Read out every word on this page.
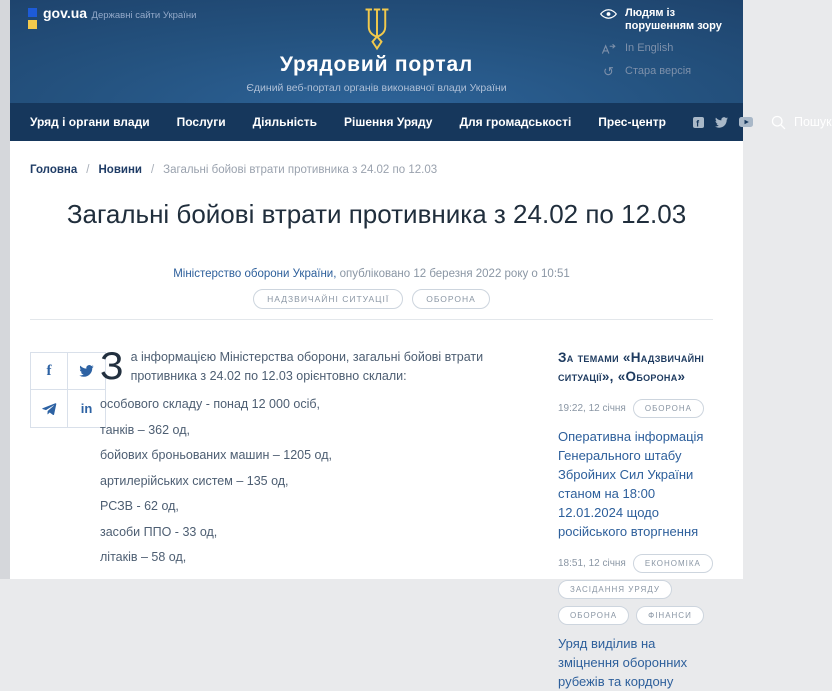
gov.ua Державні сайти України
Урядовий портал
Єдиний веб-портал органів виконавчої влади України
Людям із порушенням зору
In English
↺ Стара версія
Уряд і органи влади Послуги Діяльність Рішення Уряду Для громадськості Прес-центр	f	Пошук
Головна / Новини / Загальні бойові втрати противника з 24.02 по 12.03
Загальні бойові втрати противника з 24.02 по 12.03
Міністерство оборони України, опубліковано 12 березня 2022 року о 10:51
НАДЗВИЧАЙНІ СИТУАЦІЇ	ОБОРОНА
f
in

За інформацією Міністерства оборони, загальні бойові втрати противника з 24.02 по 12.03 орієнтовно склали:

особового складу - понад 12 000 осіб,

танків – 362 од,

бойових броньованих машин – 1205 од,

артилерійських систем – 135 од,

РСЗВ - 62 од,

засоби ППО - 33 од,

літаків – 58 од,

За темами «Надзвичайні ситуації», «Оборона»
19:22, 12 січня	ОБОРОНА
Оперативна інформація Генерального штабу Збройних Сил України станом на 18:00 12.01.2024 щодо російського вторгнення
18:51, 12 січня	ЕКОНОМІКА
ЗАСІДАННЯ УРЯДУ
ОБОРОНА	ФІНАНСИ
Уряд виділив на зміцнення оборонних рубежів та кордону
